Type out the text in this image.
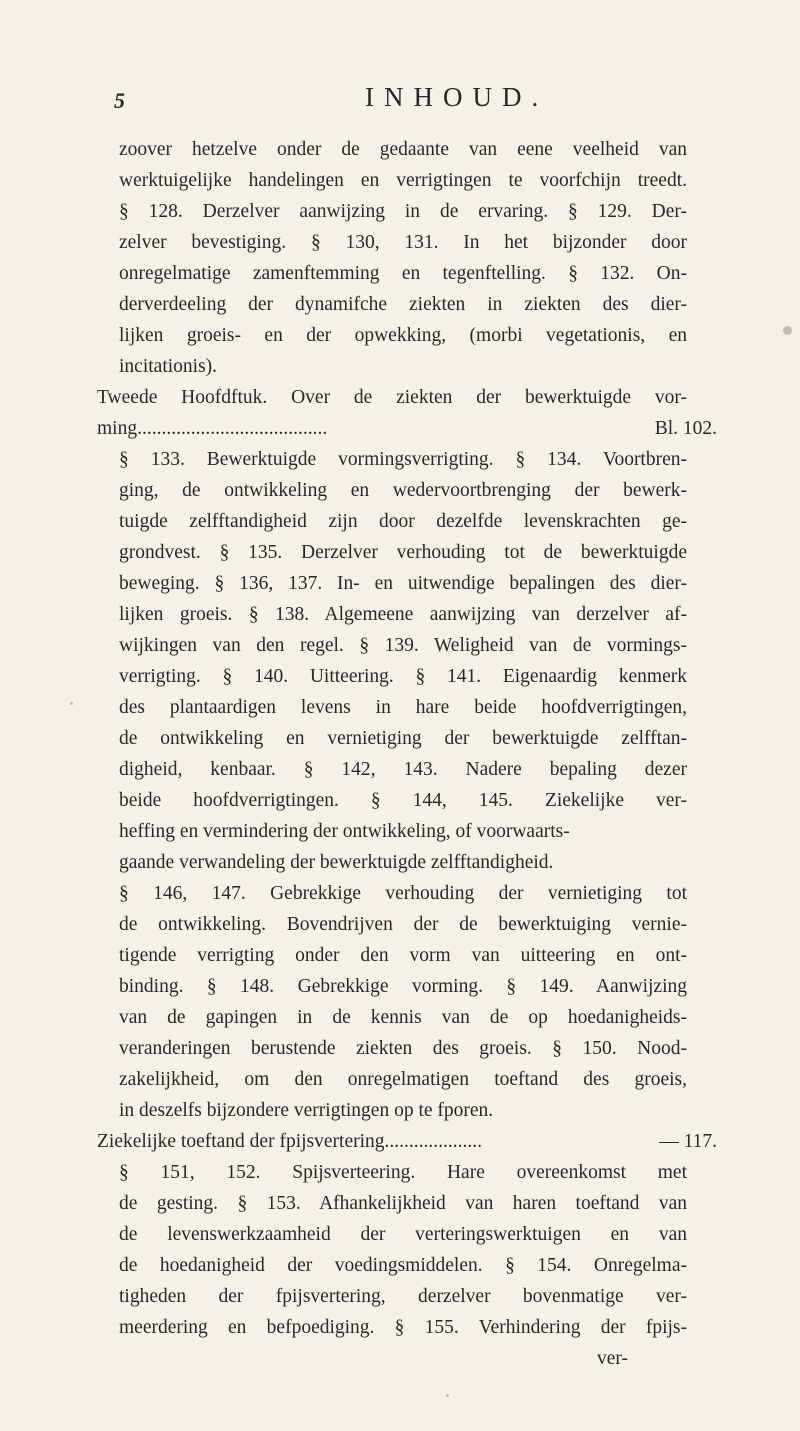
5	INHOUD.
zoover hetzelve onder de gedaante van eene veelheid van
werktuigelijke handelingen en verrigtingen te voorfchijn treedt.
§ 128. Derzelver aanwijzing in de ervaring. § 129. Der-
zelver bevestiging. § 130, 131. In het bijzonder door
onregelmatige zamenftemming en tegenftelling. § 132. On-
derverdeeling der dynamifche ziekten in ziekten des dier-
lijken groeis- en der opwekking, (morbi vegetationis, en
incitationis).
Tweede Hoofdftuk. Over de ziekten der bewerktuigde vor-
ming.......................................	Bl. 102.
§ 133. Bewerktuigde vormingsverrigting. § 134. Voortbren-
ging, de ontwikkeling en wedervoortbrenging der bewerk-
tuigde zelfftandigheid zijn door dezelfde levenskrachten ge-
grondvest. § 135. Derzelver verhouding tot de bewerktuigde
beweging. § 136, 137. In- en uitwendige bepalingen des dier-
lijken groeis. § 138. Algemeene aanwijzing van derzelver af-
wijkingen van den regel. § 139. Weligheid van de vormings-
verrigting. § 140. Uitteering. § 141. Eigenaardig kenmerk
des plantaardigen levens in hare beide hoofdverrigtingen,
de ontwikkeling en vernietiging der bewerktuigde zelfftan-
digheid, kenbaar. § 142, 143. Nadere bepaling dezer
beide hoofdverrigtingen. § 144, 145. Ziekelijke ver-
heffing en vermindering der ontwikkeling, of voorwaarts-
gaande verwandeling der bewerktuigde zelfftandigheid.
§ 146, 147. Gebrekkige verhouding der vernietiging tot
de ontwikkeling. Bovendrijven der de bewerktuiging vernie-
tigende verrigting onder den vorm van uitteering en ont-
binding. § 148. Gebrekkige vorming. § 149. Aanwijzing
van de gapingen in de kennis van de op hoedanigheids-
veranderingen berustende ziekten des groeis. § 150. Nood-
zakelijkheid, om den onregelmatigen toeftand des groeis,
in deszelfs bijzondere verrigtingen op te fporen.
Ziekelijke toeftand der fpijsvertering....................	— 117.
§ 151, 152. Spijsverteering. Hare overeenkomst met
de gesting. § 153. Afhankelijkheid van haren toeftand van
de levenswerkzaamheid der verteringswerktuigen en van
de hoedanigheid der voedingsmiddelen. § 154. Onregelma-
tigheden der fpijsvertering, derzelver bovenmatige ver-
meerdering en befpoediging. § 155. Verhindering der fpijs-
ver-
